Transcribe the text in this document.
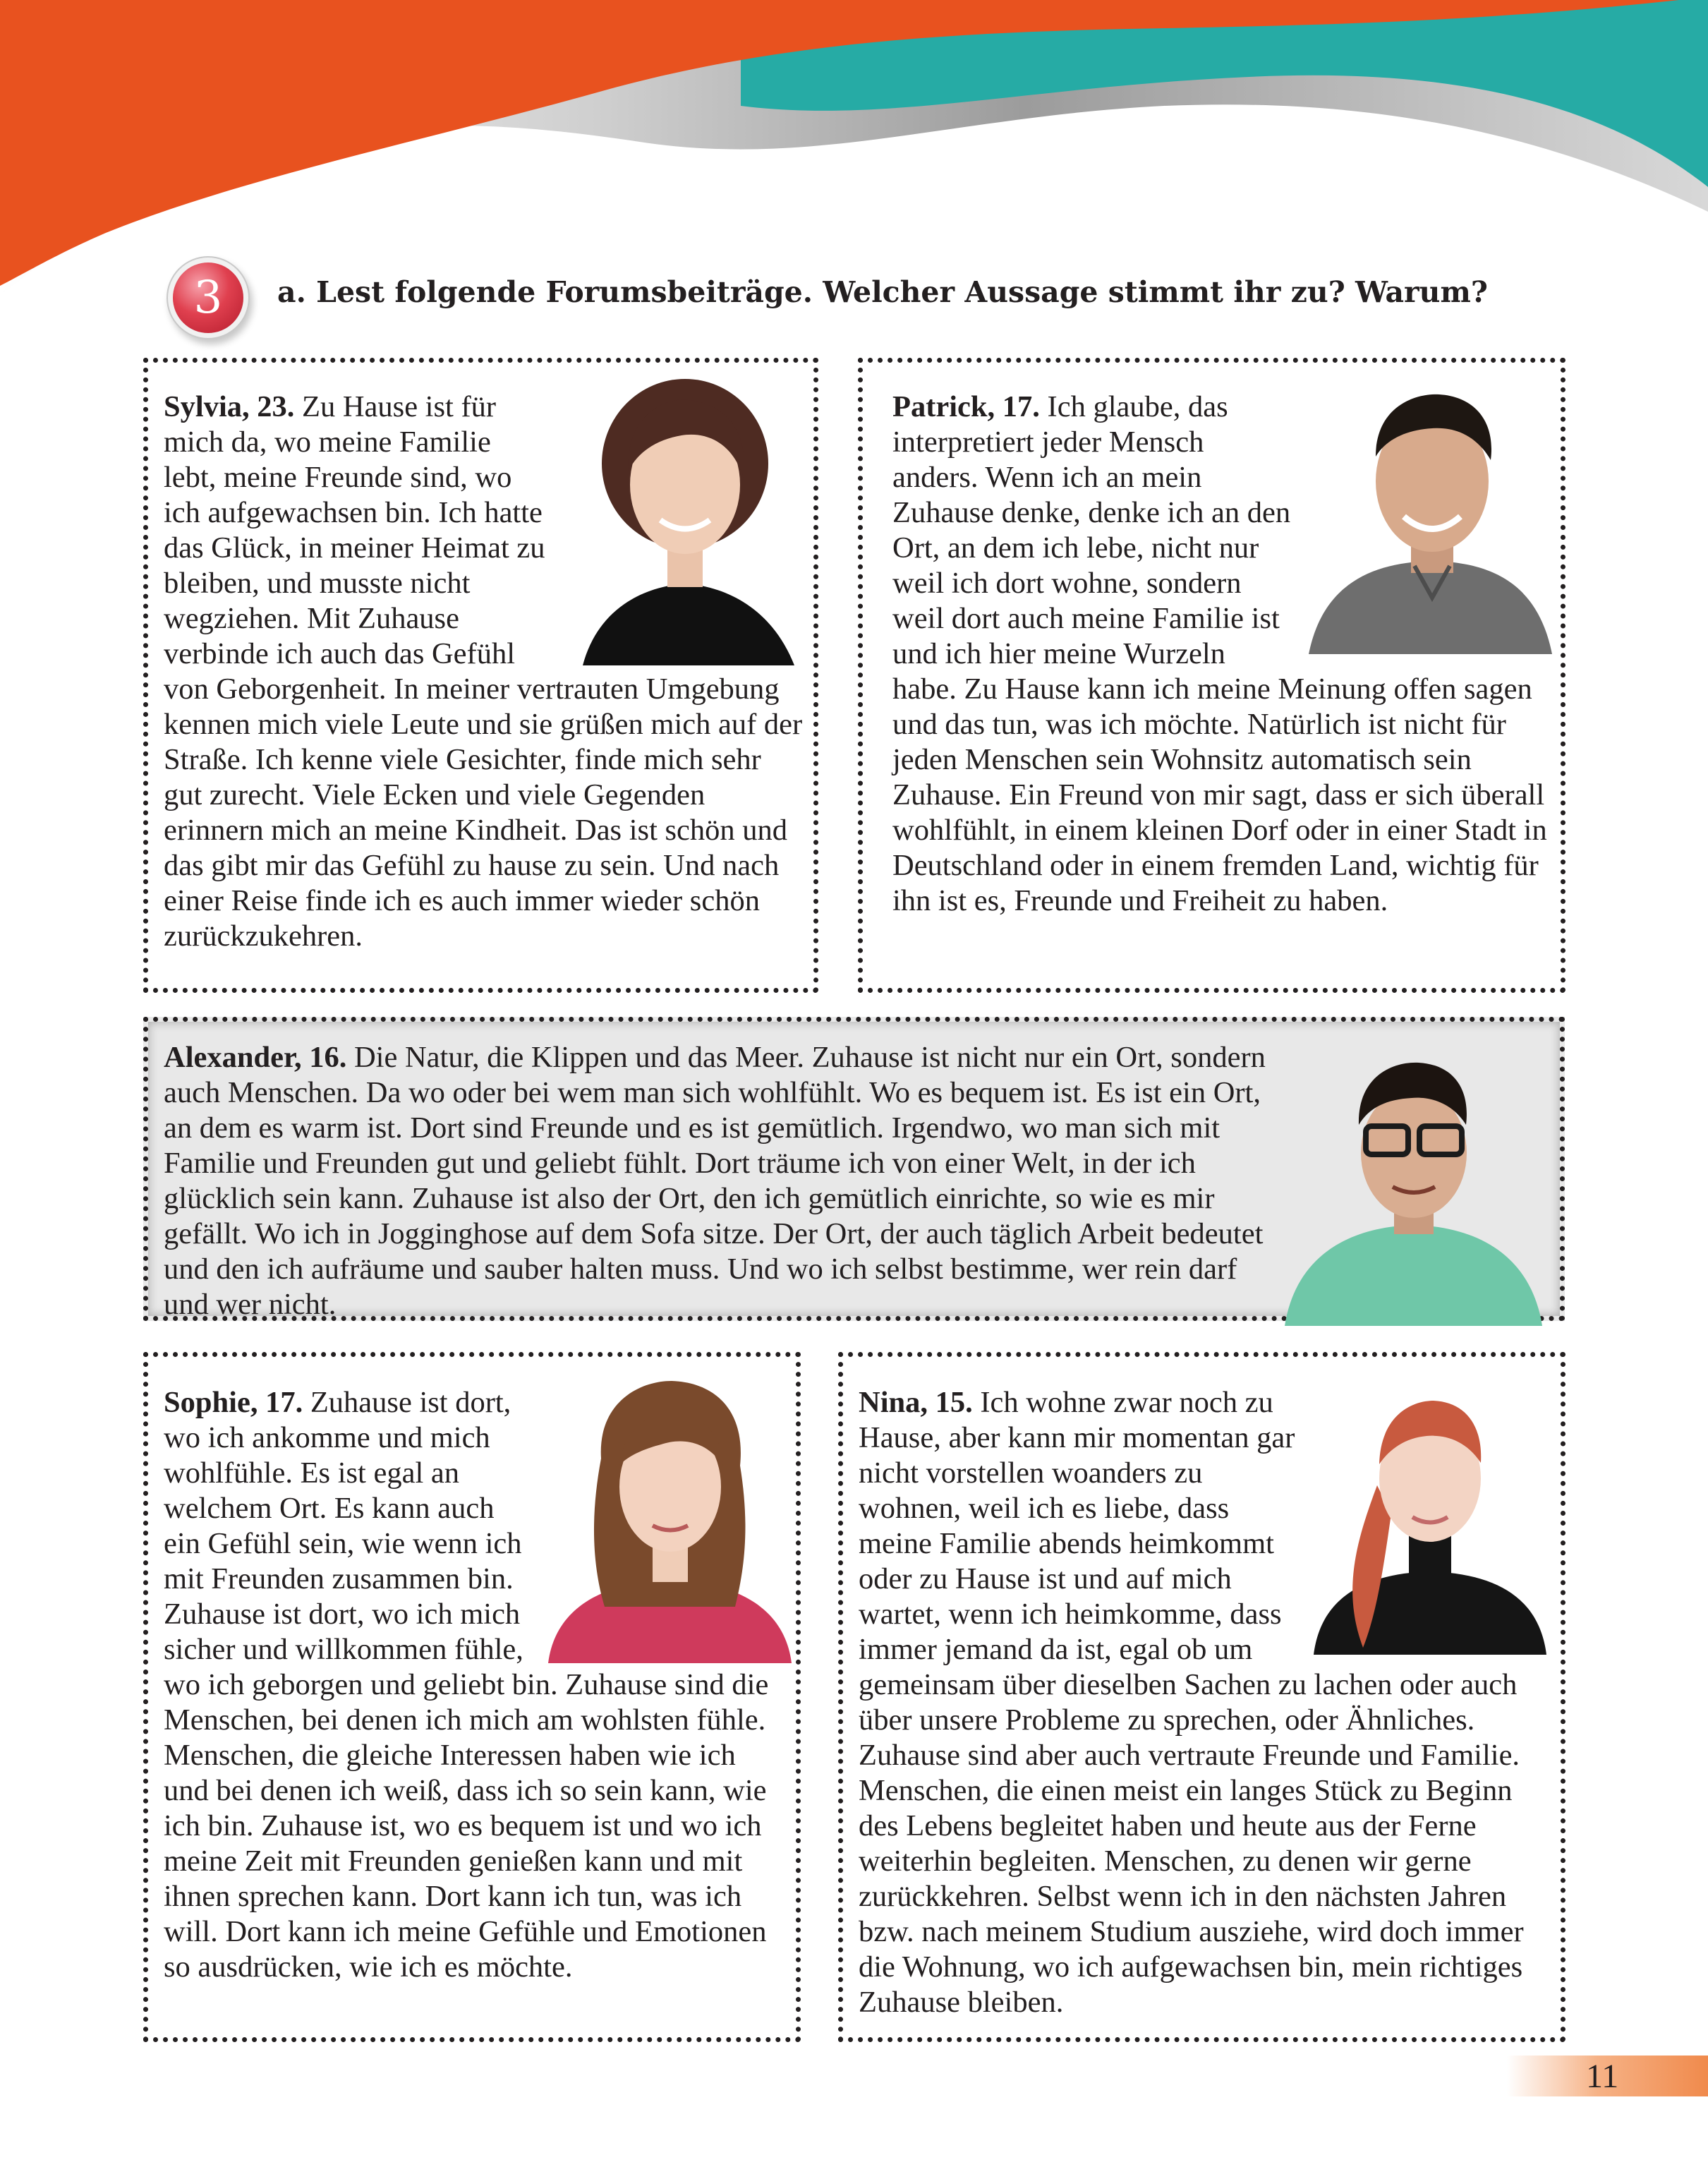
3	a. Lest folgende Forumsbeiträge. Welcher Aussage stimmt ihr zu? Warum?

Sylvia, 23. Zu Hause ist für mich da, wo meine Familie lebt, meine Freunde sind, wo ich aufgewachsen bin. Ich hatte das Glück, in meiner Heimat zu bleiben, und musste nicht wegziehen. Mit Zuhause verbinde ich auch das Gefühl von Geborgenheit. In meiner vertrauten Umgebung kennen mich viele Leute und sie grüßen mich auf der Straße. Ich kenne viele Gesichter, finde mich sehr gut zurecht. Viele Ecken und viele Gegenden erinnern mich an meine Kindheit. Das ist schön und das gibt mir das Gefühl zu hause zu sein. Und nach einer Reise finde ich es auch immer wieder schön zurückzukehren.

Patrick, 17. Ich glaube, das interpretiert jeder Mensch anders. Wenn ich an mein Zuhause denke, denke ich an den Ort, an dem ich lebe, nicht nur weil ich dort wohne, sondern weil dort auch meine Familie ist und ich hier meine Wurzeln habe. Zu Hause kann ich meine Meinung offen sagen und das tun, was ich möchte. Natürlich ist nicht für jeden Menschen sein Wohnsitz automatisch sein Zuhause. Ein Freund von mir sagt, dass er sich überall wohlfühlt, in einem kleinen Dorf oder in einer Stadt in Deutschland oder in einem fremden Land, wichtig für ihn ist es, Freunde und Freiheit zu haben.

Alexander, 16. Die Natur, die Klippen und das Meer. Zuhause ist nicht nur ein Ort, sondern auch Menschen. Da wo oder bei wem man sich wohlfühlt. Wo es bequem ist. Es ist ein Ort, an dem es warm ist. Dort sind Freunde und es ist gemütlich. Irgendwo, wo man sich mit Familie und Freunden gut und geliebt fühlt. Dort träume ich von einer Welt, in der ich glücklich sein kann. Zuhause ist also der Ort, den ich gemütlich einrichte, so wie es mir gefällt. Wo ich in Jogginghose auf dem Sofa sitze. Der Ort, der auch täglich Arbeit bedeutet und den ich aufräume und sauber halten muss. Und wo ich selbst bestimme, wer rein darf und wer nicht.

Sophie, 17. Zuhause ist dort, wo ich ankomme und mich wohlfühle. Es ist egal an welchem Ort. Es kann auch ein Gefühl sein, wie wenn ich mit Freunden zusammen bin. Zuhause ist dort, wo ich mich sicher und willkommen fühle, wo ich geborgen und geliebt bin. Zuhause sind die Menschen, bei denen ich mich am wohlsten fühle. Menschen, die gleiche Interessen haben wie ich und bei denen ich weiß, dass ich so sein kann, wie ich bin. Zuhause ist, wo es bequem ist und wo ich meine Zeit mit Freunden genießen kann und mit ihnen sprechen kann. Dort kann ich tun, was ich will. Dort kann ich meine Gefühle und Emotionen so ausdrücken, wie ich es möchte.

Nina, 15. Ich wohne zwar noch zu Hause, aber kann mir momentan gar nicht vorstellen woanders zu wohnen, weil ich es liebe, dass meine Familie abends heimkommt oder zu Hause ist und auf mich wartet, wenn ich heimkomme, dass immer jemand da ist, egal ob um gemeinsam über dieselben Sachen zu lachen oder auch über unsere Probleme zu sprechen, oder Ähnliches. Zuhause sind aber auch vertraute Freunde und Familie. Menschen, die einen meist ein langes Stück zu Beginn des Lebens begleitet haben und heute aus der Ferne weiterhin begleiten. Menschen, zu denen wir gerne zurückkehren. Selbst wenn ich in den nächsten Jahren bzw. nach meinem Studium ausziehe, wird doch immer die Wohnung, wo ich aufgewachsen bin, mein richtiges Zuhause bleiben.

11
